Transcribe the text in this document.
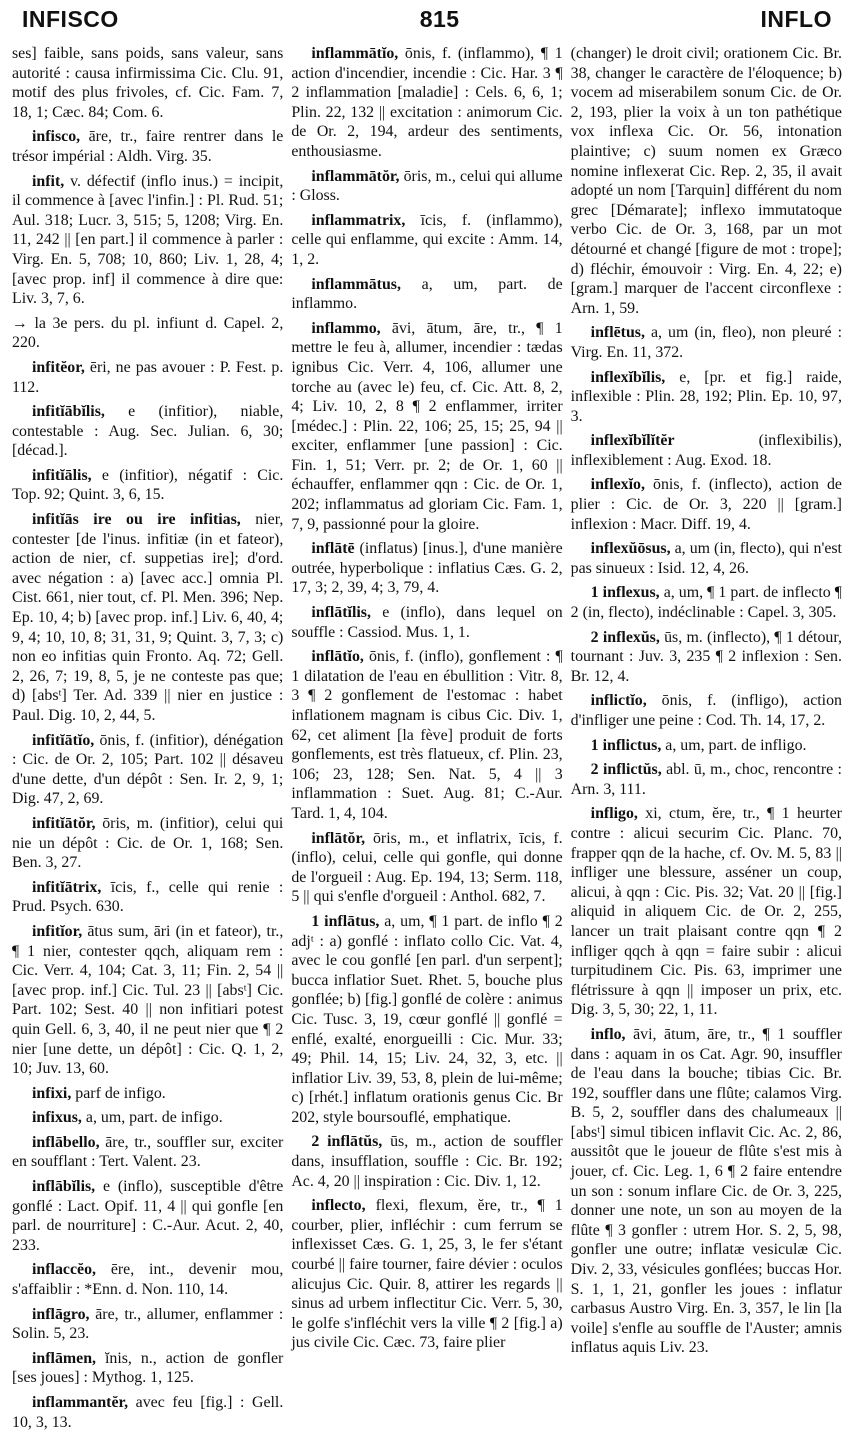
INFISCO	815	INFLO

ses] faible, sans poids, sans valeur, sans autorité : causa infirmissima Cic. Clu. 91, motif des plus frivoles, cf. Cic. Fam. 7, 18, 1; Cæc. 84; Com. 6.

infisco, āre, tr., faire rentrer dans le trésor impérial : Aldh. Virg. 35.

infit, v. défectif (inflo inus.) = incipit, il commence à [avec l'infin.] : Pl. Rud. 51; Aul. 318; Lucr. 3, 515; 5, 1208; Virg. En. 11, 242 || [en part.] il commence à parler : Virg. En. 5, 708; 10, 860; Liv. 1, 28, 4; [avec prop. inf] il commence à dire que: Liv. 3, 7, 6.

→ la 3e pers. du pl. infiunt d. Capel. 2, 220.

infitĕor, ēri, ne pas avouer : P. Fest. p. 112.

infitĭābĭlis, e (infitior), niable, contestable : Aug. Sec. Julian. 6, 30; [décad.].

infitĭālis, e (infitior), négatif : Cic. Top. 92; Quint. 3, 6, 15.

infitĭās ire ou ire infitias, nier, contester [de l'inus. infitiæ (in et fateor), action de nier, cf. suppetias ire]; d'ord. avec négation : a) [avec acc.] omnia Pl. Cist. 661, nier tout, cf. Pl. Men. 396; Nep. Ep. 10, 4; b) [avec prop. inf.] Liv. 6, 40, 4; 9, 4; 10, 10, 8; 31, 31, 9; Quint. 3, 7, 3; c) non eo infitias quin Fronto. Aq. 72; Gell. 2, 26, 7; 19, 8, 5, je ne conteste pas que; d) [absᵗ] Ter. Ad. 339 || nier en justice : Paul. Dig. 10, 2, 44, 5.

infitĭātĭo, ōnis, f. (infitior), dénégation : Cic. de Or. 2, 105; Part. 102 || désaveu d'une dette, d'un dépôt : Sen. Ir. 2, 9, 1; Dig. 47, 2, 69.

infitĭātŏr, ōris, m. (infitior), celui qui nie un dépôt : Cic. de Or. 1, 168; Sen. Ben. 3, 27.

infitĭātrix, īcis, f., celle qui renie : Prud. Psych. 630.

infitĭor, ātus sum, āri (in et fateor), tr., ¶ 1 nier, contester qqch, aliquam rem : Cic. Verr. 4, 104; Cat. 3, 11; Fin. 2, 54 || [avec prop. inf.] Cic. Tul. 23 || [absᵗ] Cic. Part. 102; Sest. 40 || non infitiari potest quin Gell. 6, 3, 40, il ne peut nier que ¶ 2 nier [une dette, un dépôt] : Cic. Q. 1, 2, 10; Juv. 13, 60.

infixi, parf de infigo.

infixus, a, um, part. de infigo.

inflābello, āre, tr., souffler sur, exciter en soufflant : Tert. Valent. 23.

inflābĭlis, e (inflo), susceptible d'être gonflé : Lact. Opif. 11, 4 || qui gonfle [en parl. de nourriture] : C.-Aur. Acut. 2, 40, 233.

inflaccĕo, ēre, int., devenir mou, s'affaiblir : *Enn. d. Non. 110, 14.

inflāgro, āre, tr., allumer, enflammer : Solin. 5, 23.

inflāmen, ĭnis, n., action de gonfler [ses joues] : Mythog. 1, 125.

inflammantĕr, avec feu [fig.] : Gell. 10, 3, 13.

inflammātĭo, ōnis, f. (inflammo), ¶ 1 action d'incendier, incendie : Cic. Har. 3 ¶ 2 inflammation [maladie] : Cels. 6, 6, 1; Plin. 22, 132 || excitation : animorum Cic. de Or. 2, 194, ardeur des sentiments, enthousiasme.

inflammātŏr, ōris, m., celui qui allume : Gloss.

inflammatrix, īcis, f. (inflammo), celle qui enflamme, qui excite : Amm. 14, 1, 2.

inflammātus, a, um, part. de inflammo.

inflammo, āvi, ātum, āre, tr., ¶ 1 mettre le feu à, allumer, incendier : tædas ignibus Cic. Verr. 4, 106, allumer une torche au (avec le) feu, cf. Cic. Att. 8, 2, 4; Liv. 10, 2, 8 ¶ 2 enflammer, irriter [médec.] : Plin. 22, 106; 25, 15; 25, 94 || exciter, enflammer [une passion] : Cic. Fin. 1, 51; Verr. pr. 2; de Or. 1, 60 || échauffer, enflammer qqn : Cic. de Or. 1, 202; inflammatus ad gloriam Cic. Fam. 1, 7, 9, passionné pour la gloire.

inflātē (inflatus) [inus.], d'une manière outrée, hyperbolique : inflatius Cæs. G. 2, 17, 3; 2, 39, 4; 3, 79, 4.

inflātĭlis, e (inflo), dans lequel on souffle : Cassiod. Mus. 1, 1.

inflātĭo, ōnis, f. (inflo), gonflement : ¶ 1 dilatation de l'eau en ébullition : Vitr. 8, 3 ¶ 2 gonflement de l'estomac : habet inflationem magnam is cibus Cic. Div. 1, 62, cet aliment [la fève] produit de forts gonflements, est très flatueux, cf. Plin. 23, 106; 23, 128; Sen. Nat. 5, 4 || 3 inflammation : Suet. Aug. 81; C.-Aur. Tard. 1, 4, 104.

inflātŏr, ōris, m., et inflatrix, īcis, f. (inflo), celui, celle qui gonfle, qui donne de l'orgueil : Aug. Ep. 194, 13; Serm. 118, 5 || qui s'enfle d'orgueil : Anthol. 682, 7.

1 inflātus, a, um, ¶ 1 part. de inflo ¶ 2 adjᵗ : a) gonflé : inflato collo Cic. Vat. 4, avec le cou gonflé [en parl. d'un serpent]; bucca inflatior Suet. Rhet. 5, bouche plus gonflée; b) [fig.] gonflé de colère : animus Cic. Tusc. 3, 19, cœur gonflé || gonflé = enflé, exalté, enorgueilli : Cic. Mur. 33; 49; Phil. 14, 15; Liv. 24, 32, 3, etc. || inflatior Liv. 39, 53, 8, plein de lui-même; c) [rhét.] inflatum orationis genus Cic. Br 202, style boursouflé, emphatique.

2 inflātŭs, ūs, m., action de souffler dans, insufflation, souffle : Cic. Br. 192; Ac. 4, 20 || inspiration : Cic. Div. 1, 12.

inflecto, flexi, flexum, ĕre, tr., ¶ 1 courber, plier, infléchir : cum ferrum se inflexisset Cæs. G. 1, 25, 3, le fer s'étant courbé || faire tourner, faire dévier : oculos alicujus Cic. Quir. 8, attirer les regards || sinus ad urbem inflectitur Cic. Verr. 5, 30, le golfe s'infléchit vers la ville ¶ 2 [fig.] a) jus civile Cic. Cæc. 73, faire plier

(changer) le droit civil; orationem Cic. Br. 38, changer le caractère de l'éloquence; b) vocem ad miserabilem sonum Cic. de Or. 2, 193, plier la voix à un ton pathétique vox inflexa Cic. Or. 56, intonation plaintive; c) suum nomen ex Græco nomine inflexerat Cic. Rep. 2, 35, il avait adopté un nom [Tarquin] différent du nom grec [Démarate]; inflexo immutatoque verbo Cic. de Or. 3, 168, par un mot détourné et changé [figure de mot : trope]; d) fléchir, émouvoir : Virg. En. 4, 22; e) [gram.] marquer de l'accent circonflexe : Arn. 1, 59.

inflētus, a, um (in, fleo), non pleuré : Virg. En. 11, 372.

inflexĭbĭlis, e, [pr. et fig.] raide, inflexible : Plin. 28, 192; Plin. Ep. 10, 97, 3.

inflexĭbĭlĭtĕr	(inflexibilis), inflexiblement : Aug. Exod. 18.

inflexĭo, ōnis, f. (inflecto), action de plier : Cic. de Or. 3, 220 || [gram.] inflexion : Macr. Diff. 19, 4.

inflexŭōsus, a, um (in, flecto), qui n'est pas sinueux : Isid. 12, 4, 26.

1 inflexus, a, um, ¶ 1 part. de inflecto ¶ 2 (in, flecto), indéclinable : Capel. 3, 305.

2 inflexŭs, ūs, m. (inflecto), ¶ 1 détour, tournant : Juv. 3, 235 ¶ 2 inflexion : Sen. Br. 12, 4.

inflictĭo, ōnis, f. (infligo), action d'infliger une peine : Cod. Th. 14, 17, 2.

1 inflictus, a, um, part. de infligo.

2 inflictŭs, abl. ū, m., choc, rencontre : Arn. 3, 111.

infligo, xi, ctum, ĕre, tr., ¶ 1 heurter contre : alicui securim Cic. Planc. 70, frapper qqn de la hache, cf. Ov. M. 5, 83 || infliger une blessure, asséner un coup, alicui, à qqn : Cic. Pis. 32; Vat. 20 || [fig.] aliquid in aliquem Cic. de Or. 2, 255, lancer un trait plaisant contre qqn ¶ 2 infliger qqch à qqn = faire subir : alicui turpitudinem Cic. Pis. 63, imprimer une flétrissure à qqn || imposer un prix, etc. Dig. 3, 5, 30; 22, 1, 11.

inflo, āvi, ātum, āre, tr., ¶ 1 souffler dans : aquam in os Cat. Agr. 90, insuffler de l'eau dans la bouche; tibias Cic. Br. 192, souffler dans une flûte; calamos Virg. B. 5, 2, souffler dans des chalumeaux || [absᵗ] simul tibicen inflavit Cic. Ac. 2, 86, aussitôt que le joueur de flûte s'est mis à jouer, cf. Cic. Leg. 1, 6 ¶ 2 faire entendre un son : sonum inflare Cic. de Or. 3, 225, donner une note, un son au moyen de la flûte ¶ 3 gonfler : utrem Hor. S. 2, 5, 98, gonfler une outre; inflatæ vesiculæ Cic. Div. 2, 33, vésicules gonflées; buccas Hor. S. 1, 1, 21, gonfler les joues : inflatur carbasus Austro Virg. En. 3, 357, le lin [la voile] s'enfle au souffle de l'Auster; amnis inflatus aquis Liv. 23.
